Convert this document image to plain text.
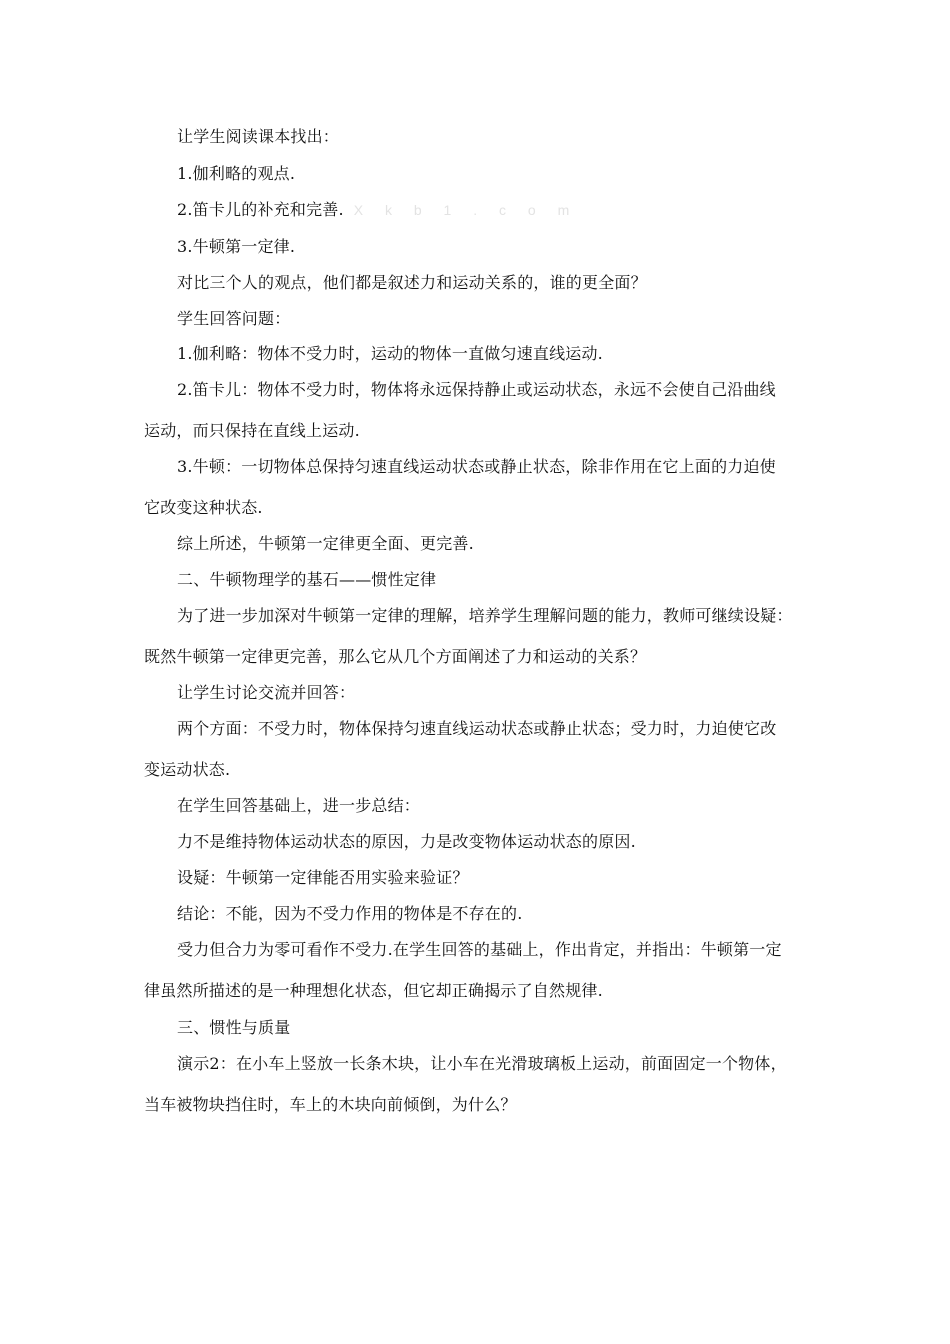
让学生阅读课本找出：
1.伽利略的观点.
2.笛卡儿的补充和完善. X k b 1 . c o m
3.牛顿第一定律.
对比三个人的观点，他们都是叙述力和运动关系的，谁的更全面？
学生回答问题：
1.伽利略：物体不受力时，运动的物体一直做匀速直线运动.
2.笛卡儿：物体不受力时，物体将永远保持静止或运动状态，永远不会使自己沿曲线
运动，而只保持在直线上运动.
3.牛顿：一切物体总保持匀速直线运动状态或静止状态，除非作用在它上面的力迫使
它改变这种状态.
综上所述，牛顿第一定律更全面、更完善.
二、牛顿物理学的基石——惯性定律
为了进一步加深对牛顿第一定律的理解，培养学生理解问题的能力，教师可继续设疑：
既然牛顿第一定律更完善，那么它从几个方面阐述了力和运动的关系？
让学生讨论交流并回答：
两个方面：不受力时，物体保持匀速直线运动状态或静止状态；受力时，力迫使它改
变运动状态.
在学生回答基础上，进一步总结：
力不是维持物体运动状态的原因，力是改变物体运动状态的原因.
设疑：牛顿第一定律能否用实验来验证？
结论：不能，因为不受力作用的物体是不存在的.
受力但合力为零可看作不受力.在学生回答的基础上，作出肯定，并指出：牛顿第一定
律虽然所描述的是一种理想化状态，但它却正确揭示了自然规律.
三、惯性与质量
演示2：在小车上竖放一长条木块，让小车在光滑玻璃板上运动，前面固定一个物体，
当车被物块挡住时，车上的木块向前倾倒，为什么？
